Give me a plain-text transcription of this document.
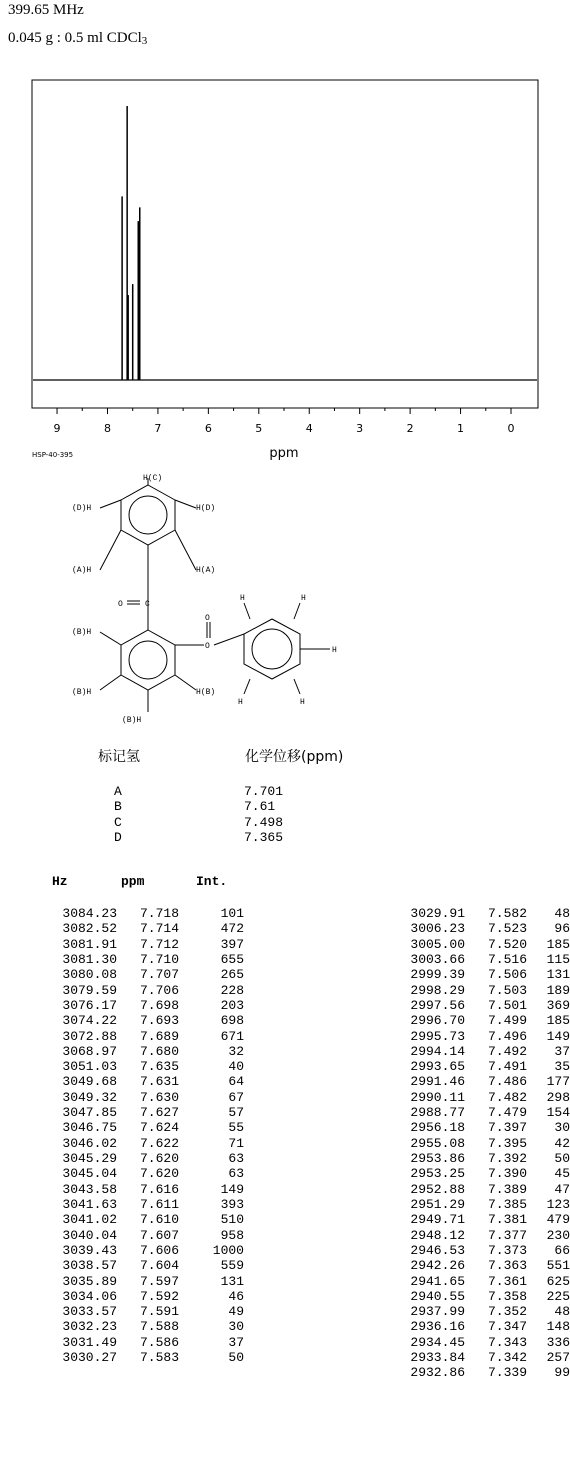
399.65 MHz
0.045 g : 0.5 ml CDCl$_3$
9	8	7	6	5	4	3	2	1	0
ppm
HSP-40-395
H(C)
(D)H	H(D)
(A)H	H(A)
O	C
(B)H
(B)H	H(B)
(B)H
O
O
H	H
H
H	H
标记氢	化学位移(ppm)
A	7.701
B	7.61
C	7.498
D	7.365
Hz	ppm	Int.
3084.23 7.718	101
3082.52 7.714	472
3081.91 7.712	397
3081.30 7.710	655
3080.08 7.707	265
3079.59 7.706	228
3076.17 7.698	203
3074.22 7.693	698
3072.88 7.689	671
3068.97 7.680	32
3051.03 7.635	40
3049.68 7.631	64
3049.32 7.630	67
3047.85 7.627	57
3046.75 7.624	55
3046.02 7.622	71
3045.29 7.620	63
3045.04 7.620	63
3043.58 7.616	149
3041.63 7.611	393
3041.02 7.610	510
3040.04 7.607	958
3039.43 7.606	1000
3038.57 7.604	559
3035.89 7.597	131
3034.06 7.592	46
3033.57 7.591	49
3032.23 7.588	30
3031.49 7.586	37
3030.27 7.583	50
3029.91 7.582 48
3006.23 7.523 96
3005.00 7.520 185
3003.66 7.516 115
2999.39 7.506 131
2998.29 7.503 189
2997.56 7.501 369
2996.70 7.499 185
2995.73 7.496 149
2994.14 7.492 37
2993.65 7.491 35
2991.46 7.486 177
2990.11 7.482 298
2988.77 7.479 154
2956.18 7.397 30
2955.08 7.395 42
2953.86 7.392 50
2953.25 7.390 45
2952.88 7.389 47
2951.29 7.385 123
2949.71 7.381 479
2948.12 7.377 230
2946.53 7.373 66
2942.26 7.363 551
2941.65 7.361 625
2940.55 7.358 225
2937.99 7.352 48
2936.16 7.347 148
2934.45 7.343 336
2933.84 7.342 257
2932.86 7.339 99
